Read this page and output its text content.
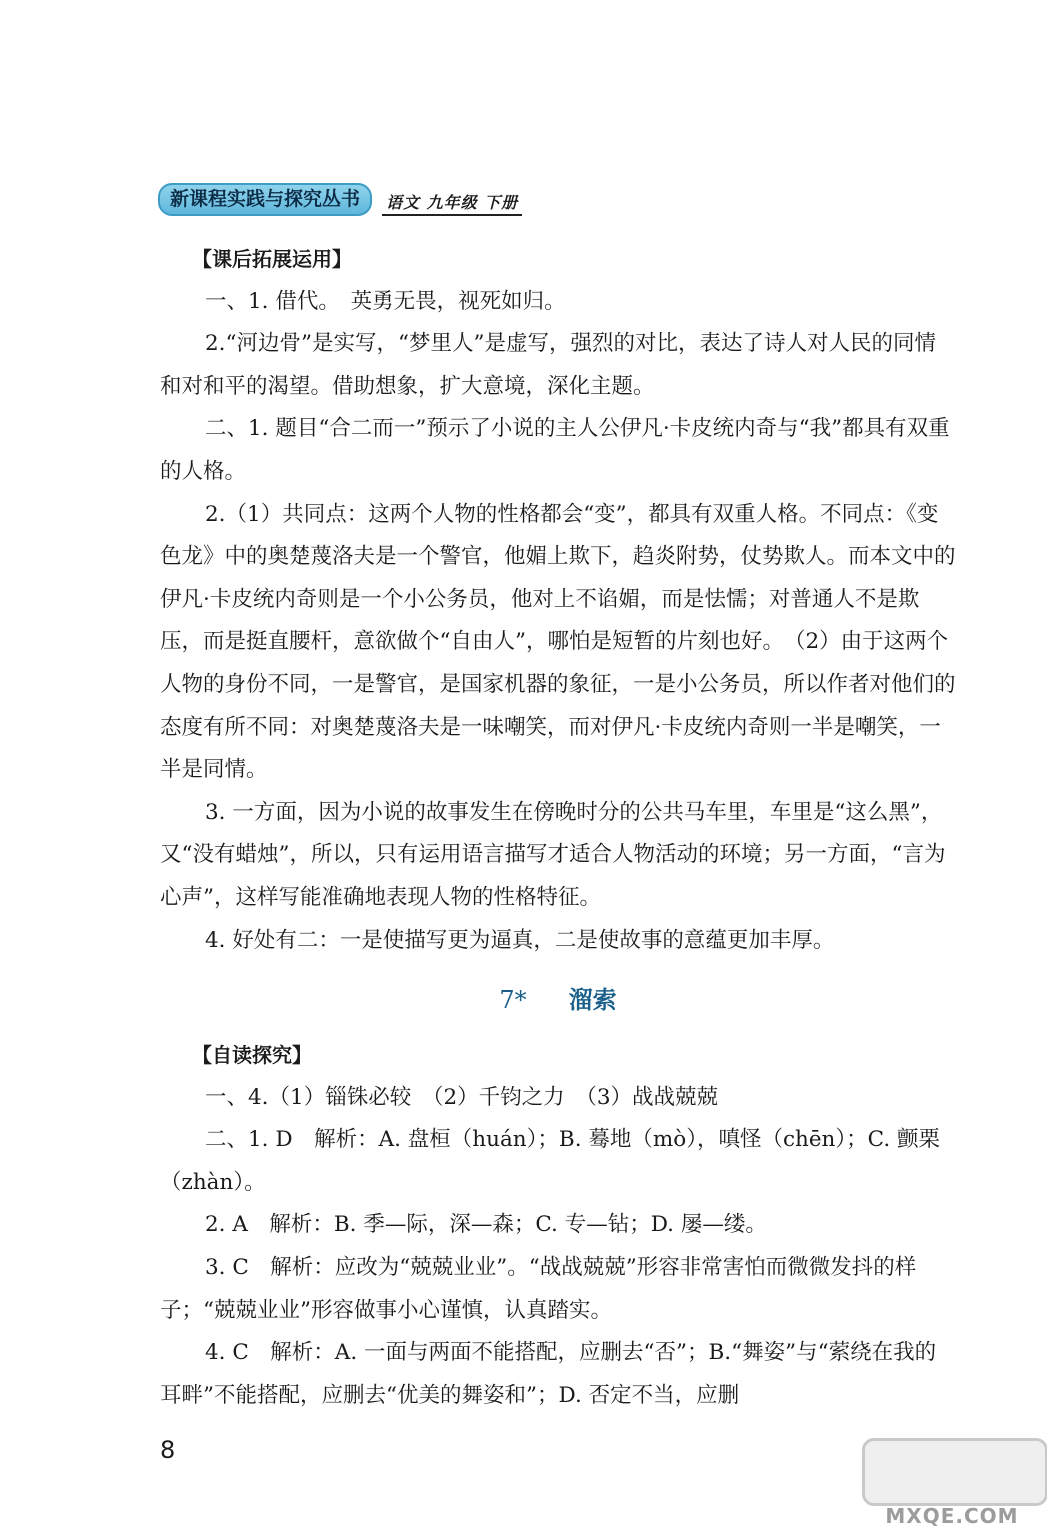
新课程实践与探究丛书	语文 九年级 下册

【课后拓展运用】

一、1. 借代。　英勇无畏，视死如归。

2.“河边骨”是实写，“梦里人”是虚写，强烈的对比，表达了诗人对人民的同情和对和平的渴望。借助想象，扩大意境，深化主题。

二、1. 题目“合二而一”预示了小说的主人公伊凡·卡皮统内奇与“我”都具有双重的人格。

2.（1）共同点：这两个人物的性格都会“变”，都具有双重人格。不同点：《变色龙》中的奥楚蔑洛夫是一个警官，他媚上欺下，趋炎附势，仗势欺人。而本文中的伊凡·卡皮统内奇则是一个小公务员，他对上不谄媚，而是怯懦；对普通人不是欺压，而是挺直腰杆，意欲做个“自由人”，哪怕是短暂的片刻也好。　（2）由于这两个人物的身份不同，一是警官，是国家机器的象征，一是小公务员，所以作者对他们的态度有所不同：对奥楚蔑洛夫是一味嘲笑，而对伊凡·卡皮统内奇则一半是嘲笑，一半是同情。

3. 一方面，因为小说的故事发生在傍晚时分的公共马车里，车里是“这么黑”，又“没有蜡烛”，所以，只有运用语言描写才适合人物活动的环境；另一方面，“言为心声”，这样写能准确地表现人物的性格特征。

4. 好处有二：一是使描写更为逼真，二是使故事的意蕴更加丰厚。

7* 溜索

【自读探究】

一、4.（1）锱铢必较　（2）千钧之力　（3）战战兢兢

二、1. D　解析：A. 盘桓（huán）；B. 蓦地（mò），嗔怪（chēn）；C. 颤栗（zhàn）。

2. A　解析：B. 季—际，深—森；C. 专—钻；D. 屡—缕。

3. C　解析：应改为“兢兢业业”。“战战兢兢”形容非常害怕而微微发抖的样子；“兢兢业业”形容做事小心谨慎，认真踏实。

4. C　解析：A. 一面与两面不能搭配，应删去“否”；B.“舞姿”与“萦绕在我的耳畔”不能搭配，应删去“优美的舞姿和”；D. 否定不当，应删

8
MXQE.COM
